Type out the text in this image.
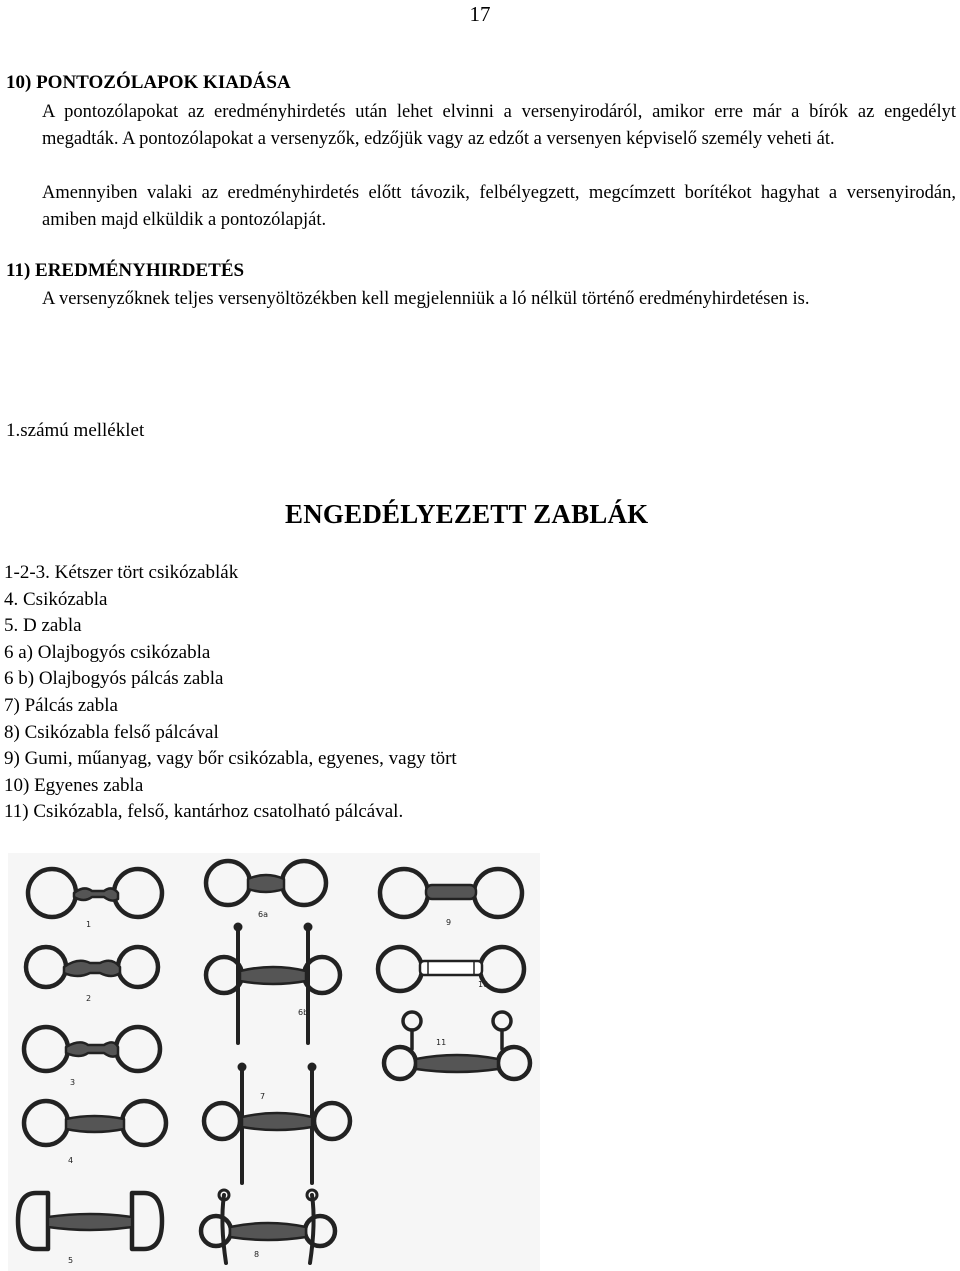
17
10) PONTOZÓLAPOK KIADÁSA
A pontozólapokat az eredményhirdetés után lehet elvinni a versenyirodáról, amikor erre már a bírók az engedélyt megadták. A pontozólapokat a versenyzők, edzőjük vagy az edzőt a versenyen képviselő személy veheti át.
Amennyiben valaki az eredményhirdetés előtt távozik, felbélyegzett, megcímzett borítékot hagyhat a versenyirodán, amiben majd elküldik a pontozólapját.
11) EREDMÉNYHIRDETÉS
A versenyzőknek teljes versenyöltözékben kell megjelenniük a ló nélkül történő eredményhirdetésen is.
1.számú melléklet
ENGEDÉLYEZETT ZABLÁK
1-2-3. Kétszer tört csikózablák
4. Csikózabla
5. D zabla
6 a) Olajbogyós csikózabla
6 b) Olajbogyós pálcás zabla
7) Pálcás zabla
8) Csikózabla felső pálcával
9) Gumi, műanyag, vagy bőr csikózabla, egyenes, vagy tört
10) Egyenes zabla
11) Csikózabla, felső, kantárhoz csatolható pálcával.
1
2
3
4
5
6a
6b
7
8
9
10
11
